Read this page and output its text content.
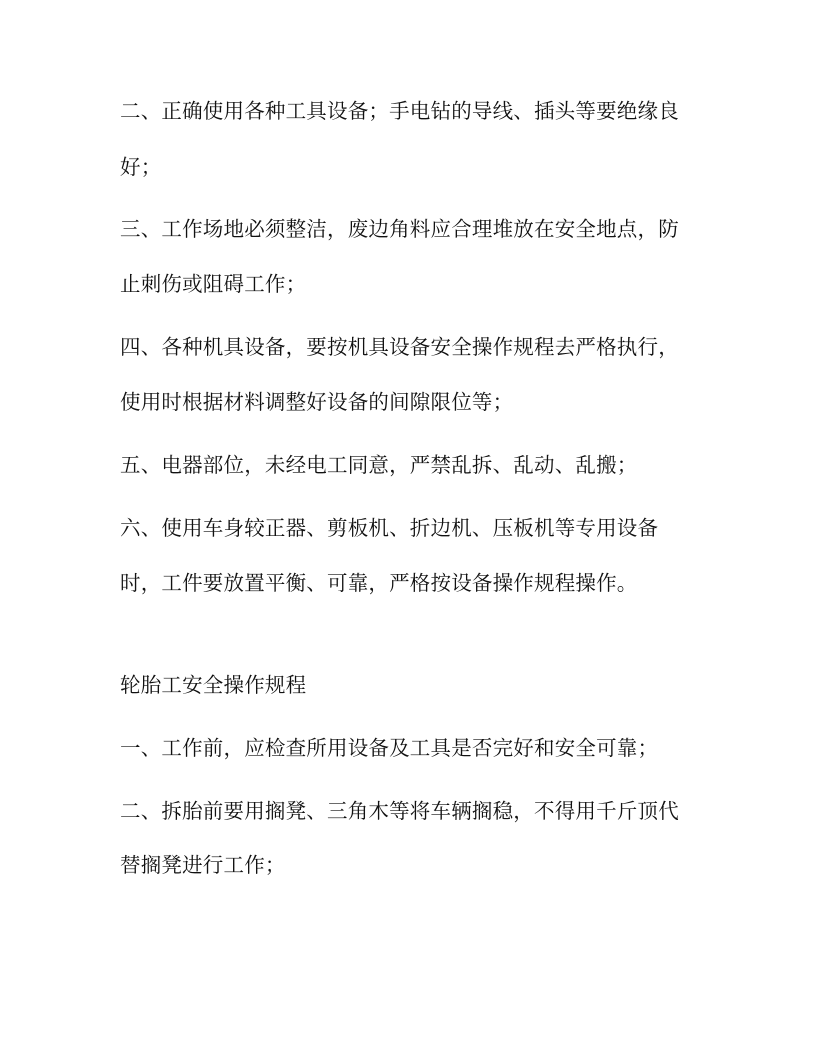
二、正确使用各种工具设备；手电钻的导线、插头等要绝缘良
好；
三、工作场地必须整洁，废边角料应合理堆放在安全地点，防
止刺伤或阻碍工作；
四、各种机具设备，要按机具设备安全操作规程去严格执行，
使用时根据材料调整好设备的间隙限位等；
五、电器部位，未经电工同意，严禁乱拆、乱动、乱搬；
六、使用车身较正器、剪板机、折边机、压板机等专用设备
时，工件要放置平衡、可靠，严格按设备操作规程操作。
轮胎工安全操作规程
一、工作前，应检查所用设备及工具是否完好和安全可靠；
二、拆胎前要用搁凳、三角木等将车辆搁稳，不得用千斤顶代
替搁凳进行工作；
